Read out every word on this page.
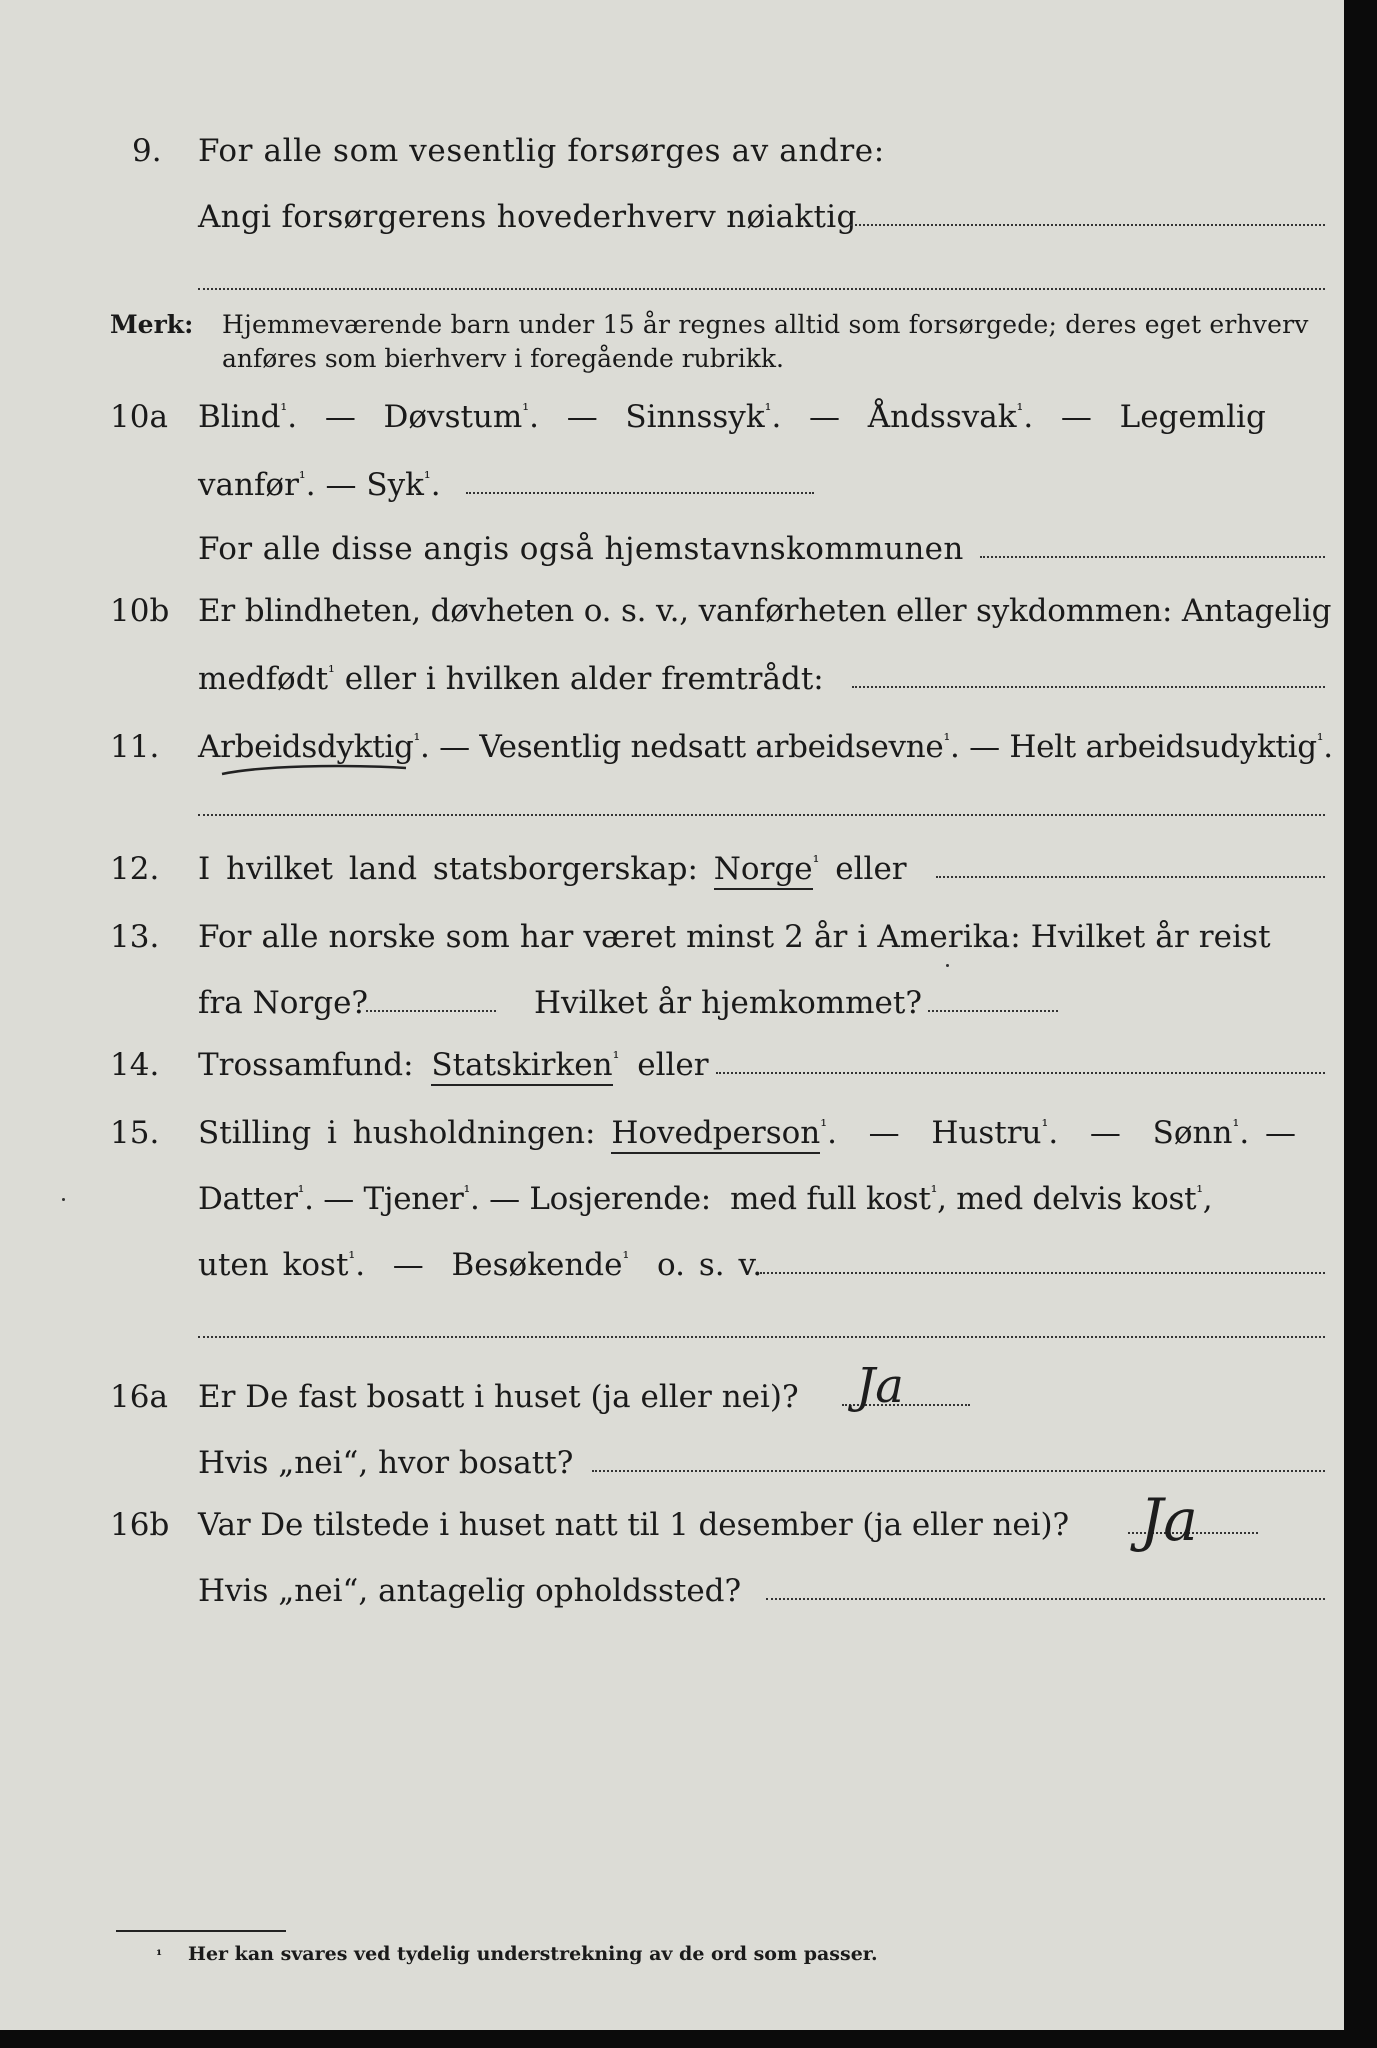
9. For alle som vesentlig forsørges av andre:
Angi forsørgerens hovederhverv nøiaktig
Merk: Hjemmeværende barn under 15 år regnes alltid som forsørgede; deres eget erhverv
anføres som bierhverv i foregående rubrikk.
10a Blind$^{^1}$.  — Døvstum$^{^1}$.  — Sinnssyk$^{^1}$.  — Åndssvak$^{^1}$.  — Legemlig
vanfør$^{^1}$. — Syk$^{^1}$.
For alle disse angis også hjemstavnskommunen
10b Er blindheten, døvheten o. s. v., vanførheten eller sykdommen: Antagelig
medfødt$^{^1}$ eller i hvilken alder fremtrådt:
11. Arbeidsdyktig$^{^1}$. — Vesentlig nedsatt arbeidsevne$^{^1}$. — Helt arbeidsudyktig$^{^1}$.
12. I hvilket land statsborgerskap: Norge$^{^1}$ eller
13. For alle norske som har været minst 2 år i Amerika: Hvilket år reist
fra Norge?	Hvilket år hjemkommet?
14. Trossamfund: Statskirken$^{^1}$ eller
15. Stilling i husholdningen: Hovedperson$^{^1}$.  — Hustru$^{^1}$.  — Sønn$^{^1}$. —
Datter$^{^1}$. — Tjener$^{^1}$. — Losjerende: med full kost$^{^1}$, med delvis kost$^{^1}$,
uten kost$^{^1}$.  — Besøkende$^{^1}$ o. s. v.
16a Er De fast bosatt i huset (ja eller nei)? Ja
Hvis „nei“, hvor bosatt?
16b Var De tilstede i huset natt til 1 desember (ja eller nei)? Ja
Hvis „nei“, antagelig opholdssted?
¹ Her kan svares ved tydelig understrekning av de ord som passer.
